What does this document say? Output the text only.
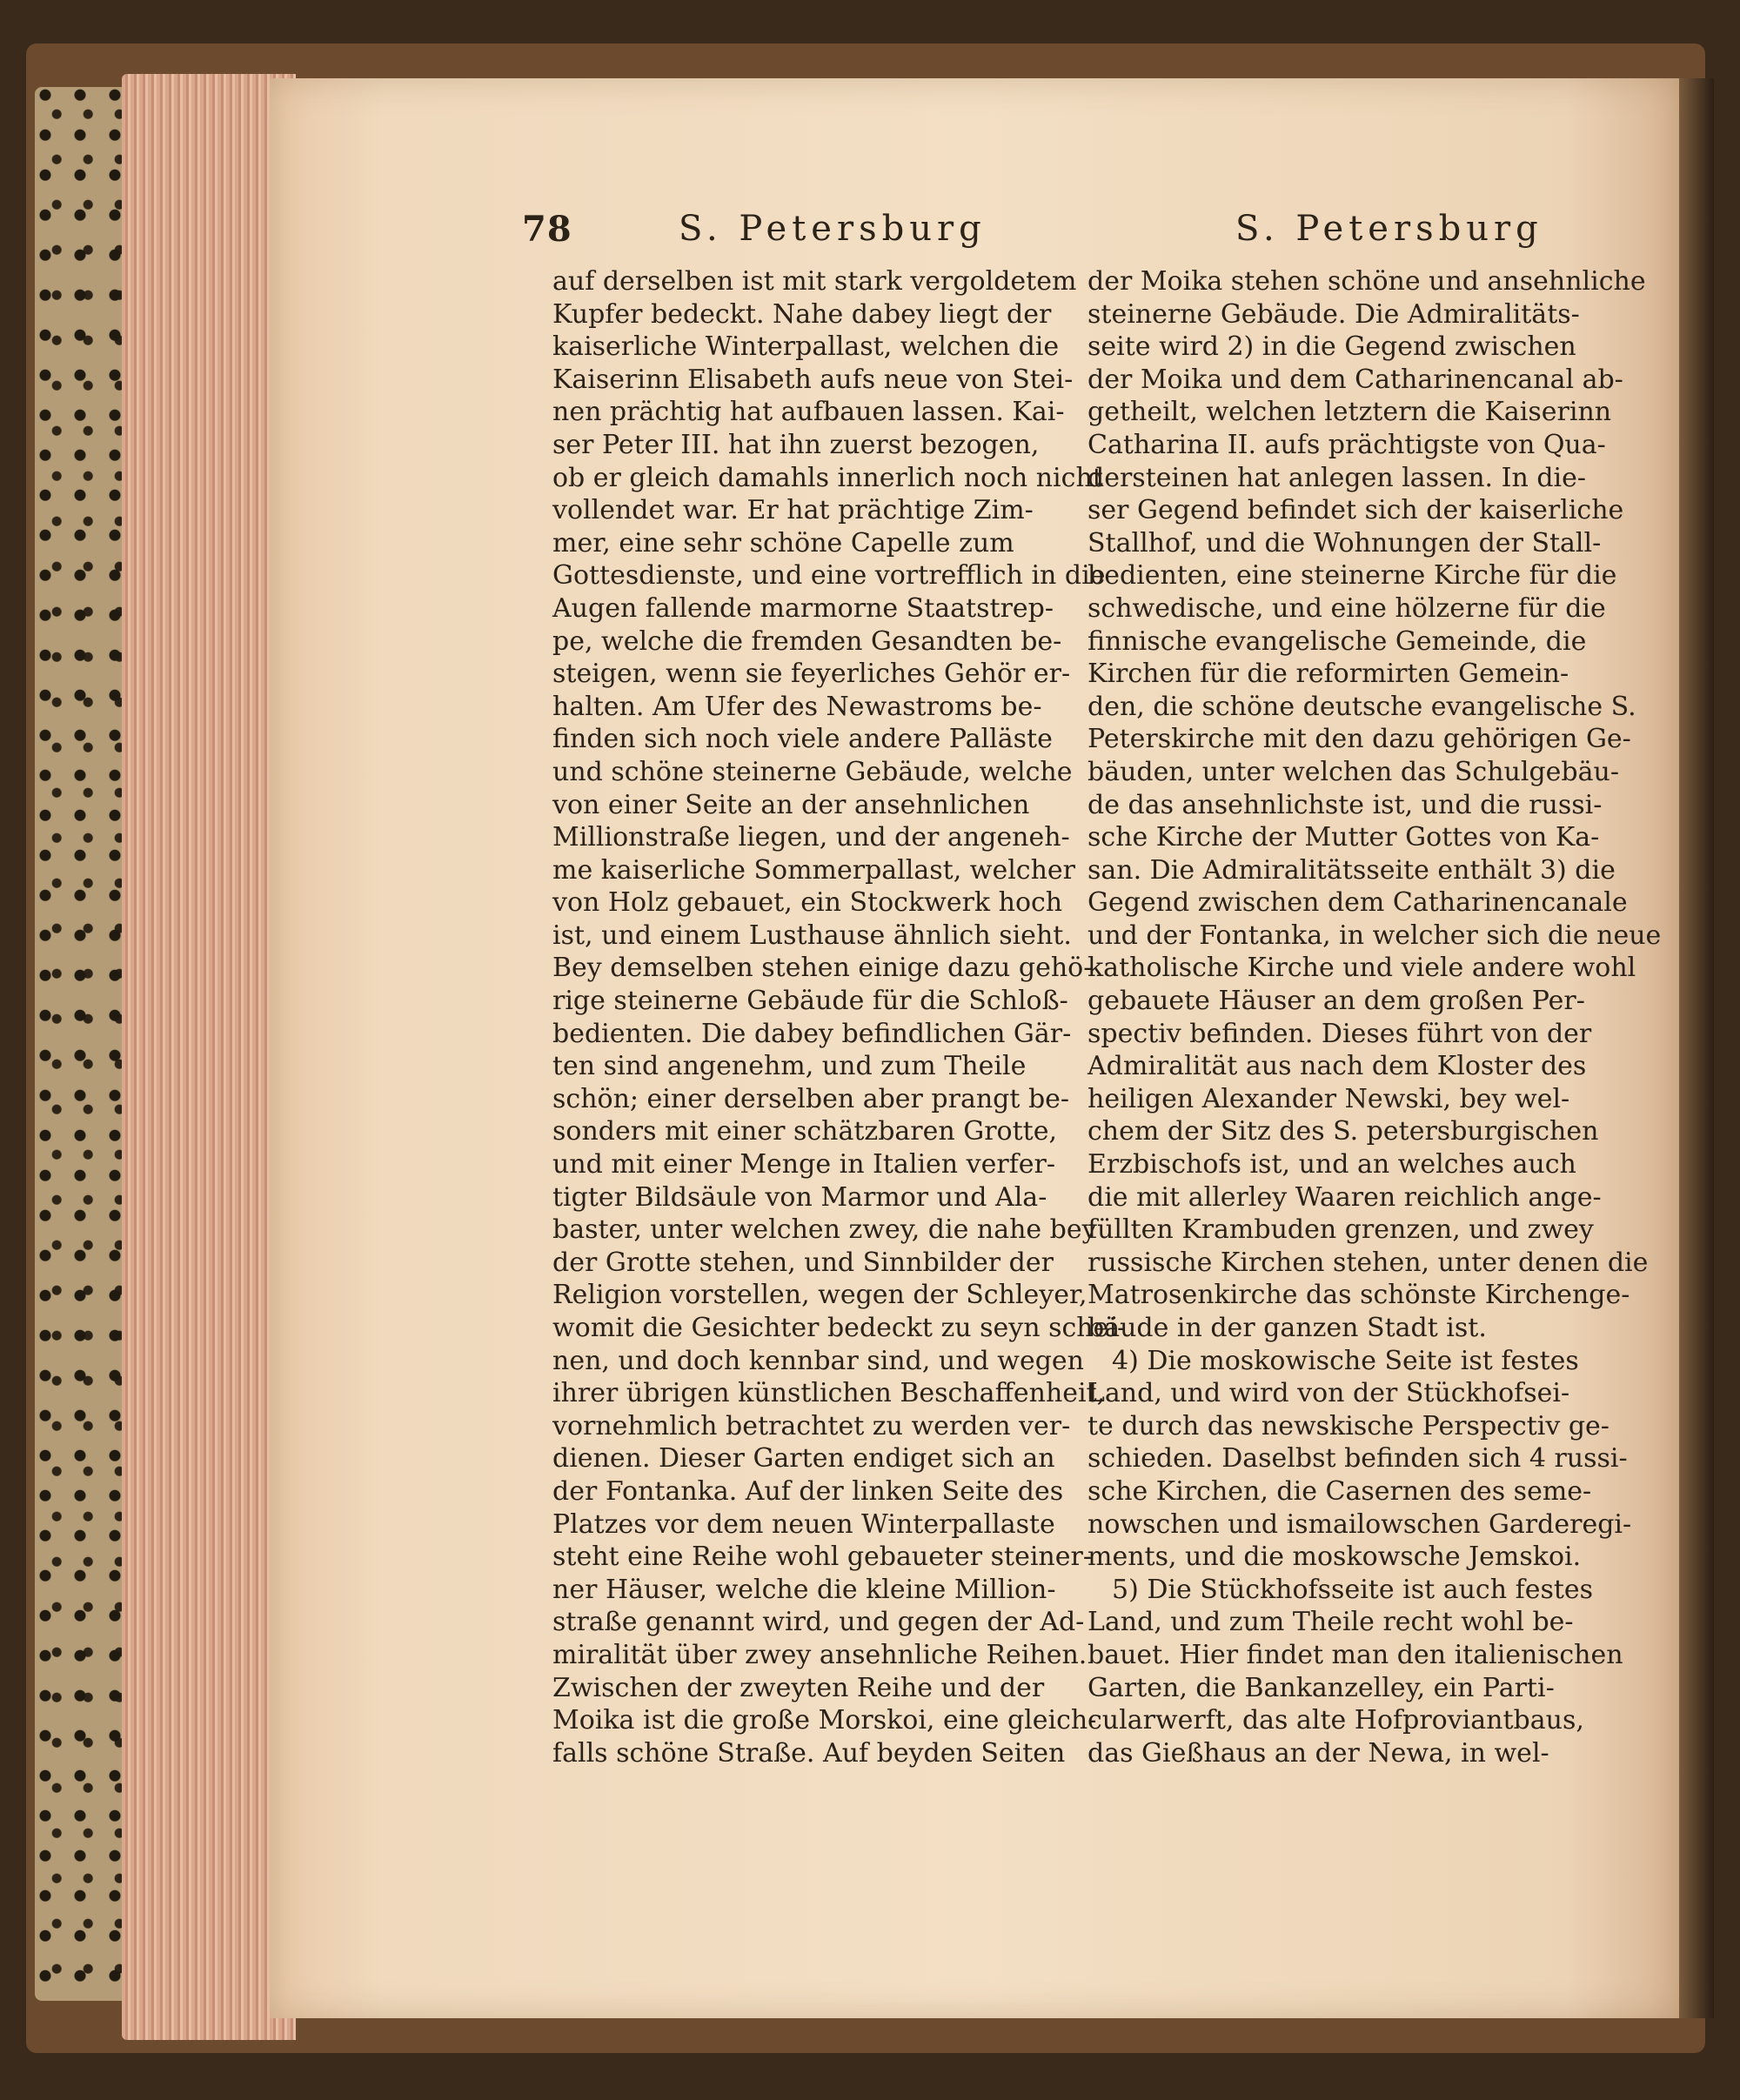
78	S. Petersburg	S. Petersburg
auf derselben ist mit stark vergoldetem
Kupfer bedeckt. Nahe dabey liegt der
kaiserliche Winterpallast, welchen die
Kaiserinn Elisabeth aufs neue von Stei-
nen prächtig hat aufbauen lassen. Kai-
ser Peter III. hat ihn zuerst bezogen,
ob er gleich damahls innerlich noch nicht
vollendet war. Er hat prächtige Zim-
mer, eine sehr schöne Capelle zum
Gottesdienste, und eine vortrefflich in die
Augen fallende marmorne Staatstrep-
pe, welche die fremden Gesandten be-
steigen, wenn sie feyerliches Gehör er-
halten. Am Ufer des Newastroms be-
finden sich noch viele andere Palläste
und schöne steinerne Gebäude, welche
von einer Seite an der ansehnlichen
Millionstraße liegen, und der angeneh-
me kaiserliche Sommerpallast, welcher
von Holz gebauet, ein Stockwerk hoch
ist, und einem Lusthause ähnlich sieht.
Bey demselben stehen einige dazu gehö-
rige steinerne Gebäude für die Schloß-
bedienten. Die dabey befindlichen Gär-
ten sind angenehm, und zum Theile
schön; einer derselben aber prangt be-
sonders mit einer schätzbaren Grotte,
und mit einer Menge in Italien verfer-
tigter Bildsäule von Marmor und Ala-
baster, unter welchen zwey, die nahe bey
der Grotte stehen, und Sinnbilder der
Religion vorstellen, wegen der Schleyer,
womit die Gesichter bedeckt zu seyn schei-
nen, und doch kennbar sind, und wegen
ihrer übrigen künstlichen Beschaffenheit,
vornehmlich betrachtet zu werden ver-
dienen. Dieser Garten endiget sich an
der Fontanka. Auf der linken Seite des
Platzes vor dem neuen Winterpallaste
steht eine Reihe wohl gebaueter steiner-
ner Häuser, welche die kleine Million-
straße genannt wird, und gegen der Ad-
miralität über zwey ansehnliche Reihen.
Zwischen der zweyten Reihe und der
Moika ist die große Morskoi, eine gleich-
falls schöne Straße. Auf beyden Seiten
der Moika stehen schöne und ansehnliche
steinerne Gebäude. Die Admiralitäts-
seite wird 2) in die Gegend zwischen
der Moika und dem Catharinencanal ab-
getheilt, welchen letztern die Kaiserinn
Catharina II. aufs prächtigste von Qua-
dersteinen hat anlegen lassen. In die-
ser Gegend befindet sich der kaiserliche
Stallhof, und die Wohnungen der Stall-
bedienten, eine steinerne Kirche für die
schwedische, und eine hölzerne für die
finnische evangelische Gemeinde, die
Kirchen für die reformirten Gemein-
den, die schöne deutsche evangelische S.
Peterskirche mit den dazu gehörigen Ge-
bäuden, unter welchen das Schulgebäu-
de das ansehnlichste ist, und die russi-
sche Kirche der Mutter Gottes von Ka-
san. Die Admiralitätsseite enthält 3) die
Gegend zwischen dem Catharinencanale
und der Fontanka, in welcher sich die neue
katholische Kirche und viele andere wohl
gebauete Häuser an dem großen Per-
spectiv befinden. Dieses führt von der
Admiralität aus nach dem Kloster des
heiligen Alexander Newski, bey wel-
chem der Sitz des S. petersburgischen
Erzbischofs ist, und an welches auch
die mit allerley Waaren reichlich ange-
füllten Krambuden grenzen, und zwey
russische Kirchen stehen, unter denen die
Matrosenkirche das schönste Kirchenge-
bäude in der ganzen Stadt ist.
4) Die moskowische Seite ist festes
Land, und wird von der Stückhofsei-
te durch das newskische Perspectiv ge-
schieden. Daselbst befinden sich 4 russi-
sche Kirchen, die Casernen des seme-
nowschen und ismailowschen Garderegi-
ments, und die moskowsche Jemskoi.
5) Die Stückhofsseite ist auch festes
Land, und zum Theile recht wohl be-
bauet. Hier findet man den italienischen
Garten, die Bankanzelley, ein Parti-
cularwerft, das alte Hofproviantbaus,
das Gießhaus an der Newa, in wel-
